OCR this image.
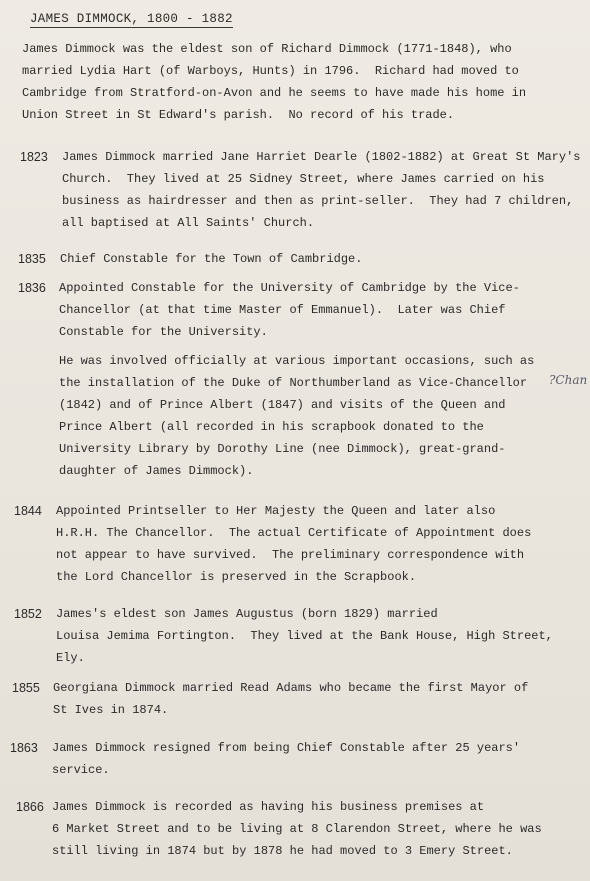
JAMES DIMMOCK, 1800 - 1882
James Dimmock was the eldest son of Richard Dimmock (1771-1848), who
married Lydia Hart (of Warboys, Hunts) in 1796.  Richard had moved to
Cambridge from Stratford-on-Avon and he seems to have made his home in
Union Street in St Edward's parish.  No record of his trade.
1823 James Dimmock married Jane Harriet Dearle (1802-1882) at Great St Mary's
Church.  They lived at 25 Sidney Street, where James carried on his
business as hairdresser and then as print-seller.  They had 7 children,
all baptised at All Saints' Church.
1835 Chief Constable for the Town of Cambridge.
1836 Appointed Constable for the University of Cambridge by the Vice-
Chancellor (at that time Master of Emmanuel).  Later was Chief
Constable for the University.
He was involved officially at various important occasions, such as
the installation of the Duke of Northumberland as Vice-Chancellor
(1842) and of Prince Albert (1847) and visits of the Queen and
Prince Albert (all recorded in his scrapbook donated to the
University Library by Dorothy Line (nee Dimmock), great-grand-
daughter of James Dimmock).
?Chan
1844 Appointed Printseller to Her Majesty the Queen and later also
H.R.H. The Chancellor.  The actual Certificate of Appointment does
not appear to have survived.  The preliminary correspondence with
the Lord Chancellor is preserved in the Scrapbook.
1852 James's eldest son James Augustus (born 1829) married
Louisa Jemima Fortington.  They lived at the Bank House, High Street,
Ely.
1855 Georgiana Dimmock married Read Adams who became the first Mayor of
St Ives in 1874.
1863 James Dimmock resigned from being Chief Constable after 25 years'
service.
1866 James Dimmock is recorded as having his business premises at
6 Market Street and to be living at 8 Clarendon Street, where he was
still living in 1874 but by 1878 he had moved to 3 Emery Street.
